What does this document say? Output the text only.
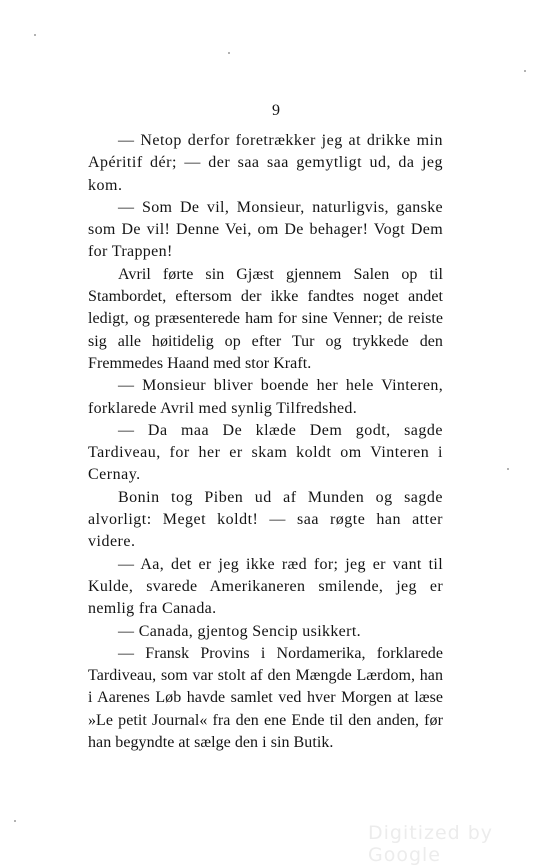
9

— Netop derfor foretrækker jeg at drikke min Apéritif dér; — der saa saa gemytligt ud, da jeg kom.

— Som De vil, Monsieur, naturligvis, ganske som De vil! Denne Vei, om De behager! Vogt Dem for Trappen!

Avril førte sin Gjæst gjennem Salen op til Stambordet, eftersom der ikke fandtes noget andet ledigt, og præsenterede ham for sine Venner; de reiste sig alle høitidelig op efter Tur og trykkede den Fremmedes Haand med stor Kraft.

— Monsieur bliver boende her hele Vinteren, forklarede Avril med synlig Tilfredshed.

— Da maa De klæde Dem godt, sagde Tardiveau, for her er skam koldt om Vinteren i Cernay.

Bonin tog Piben ud af Munden og sagde alvorligt: Meget koldt! — saa røgte han atter videre.

— Aa, det er jeg ikke ræd for; jeg er vant til Kulde, svarede Amerikaneren smilende, jeg er nemlig fra Canada.

— Canada, gjentog Sencip usikkert.

— Fransk Provins i Nordamerika, forklarede Tardiveau, som var stolt af den Mængde Lærdom, han i Aarenes Løb havde samlet ved hver Morgen at læse »Le petit Journal« fra den ene Ende til den anden, før han begyndte at sælge den i sin Butik.

Digitized by Google
